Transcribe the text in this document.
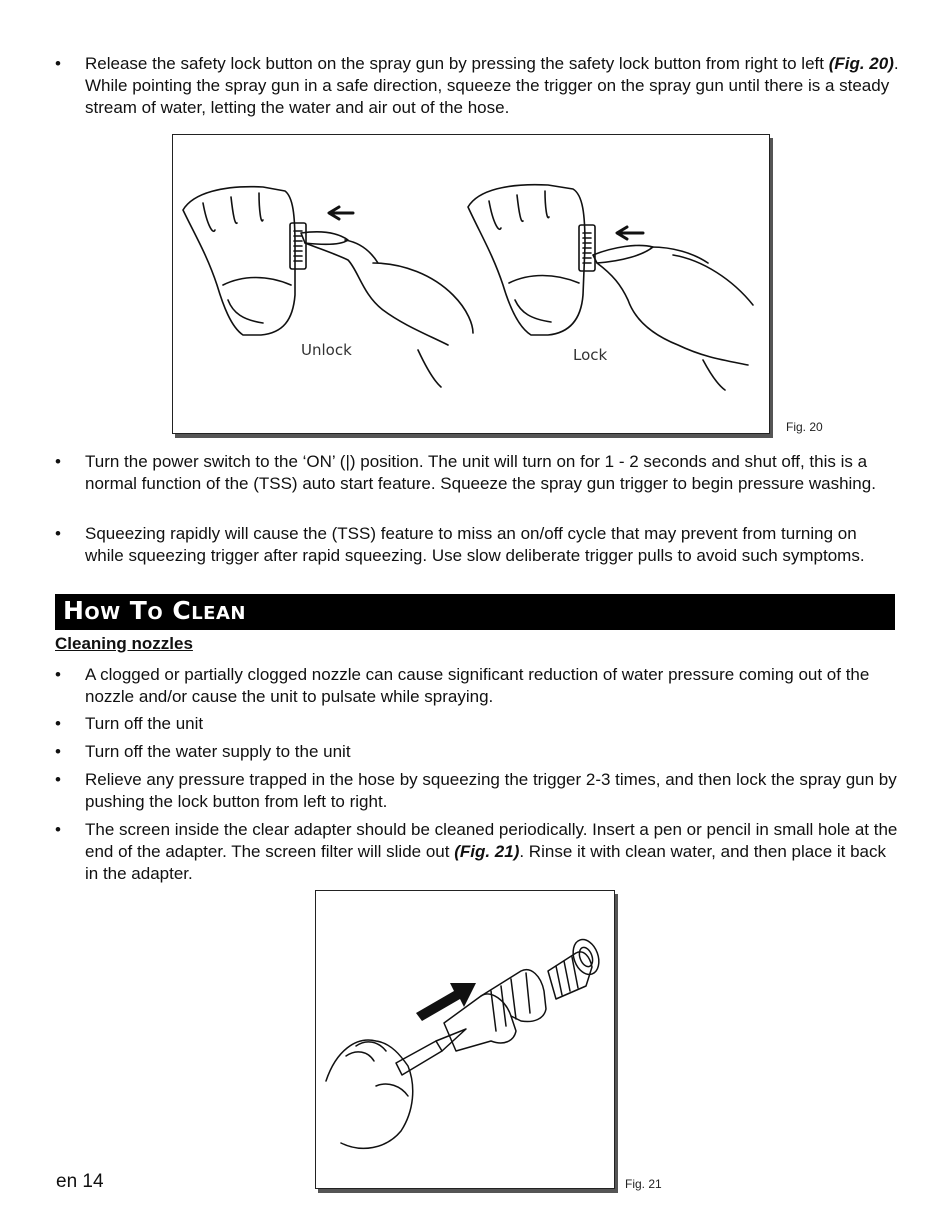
•	Release the safety lock button on the spray gun by pressing the safety lock button from right to left (Fig. 20). While pointing the spray gun in a safe direction, squeeze the trigger on the spray gun until there is a steady stream of water, letting the water and air out of the hose.
Unlock	Lock
Fig. 20
•	Turn the power switch to the ‘ON’ (|) position. The unit will turn on for 1 - 2 seconds and shut off, this is a normal function of the (TSS) auto start feature. Squeeze the spray gun trigger to begin pressure washing.
•	Squeezing rapidly will cause the (TSS) feature to miss an on/off cycle that may prevent from turning on while squeezing trigger after rapid squeezing. Use slow deliberate trigger pulls to avoid such symptoms.
How To Clean
Cleaning nozzles
•	A clogged or partially clogged nozzle can cause significant reduction of water pressure coming out of the nozzle and/or cause the unit to pulsate while spraying.
•	Turn off the unit
•	Turn off the water supply to the unit
•	Relieve any pressure trapped in the hose by squeezing the trigger 2-3 times, and then lock the spray gun by pushing the lock button from left to right.
•	The screen inside the clear adapter should be cleaned periodically. Insert a pen or pencil in small hole at the end of the adapter. The screen filter will slide out (Fig. 21). Rinse it with clean water, and then place it back in the adapter.
Fig. 21
en 14
